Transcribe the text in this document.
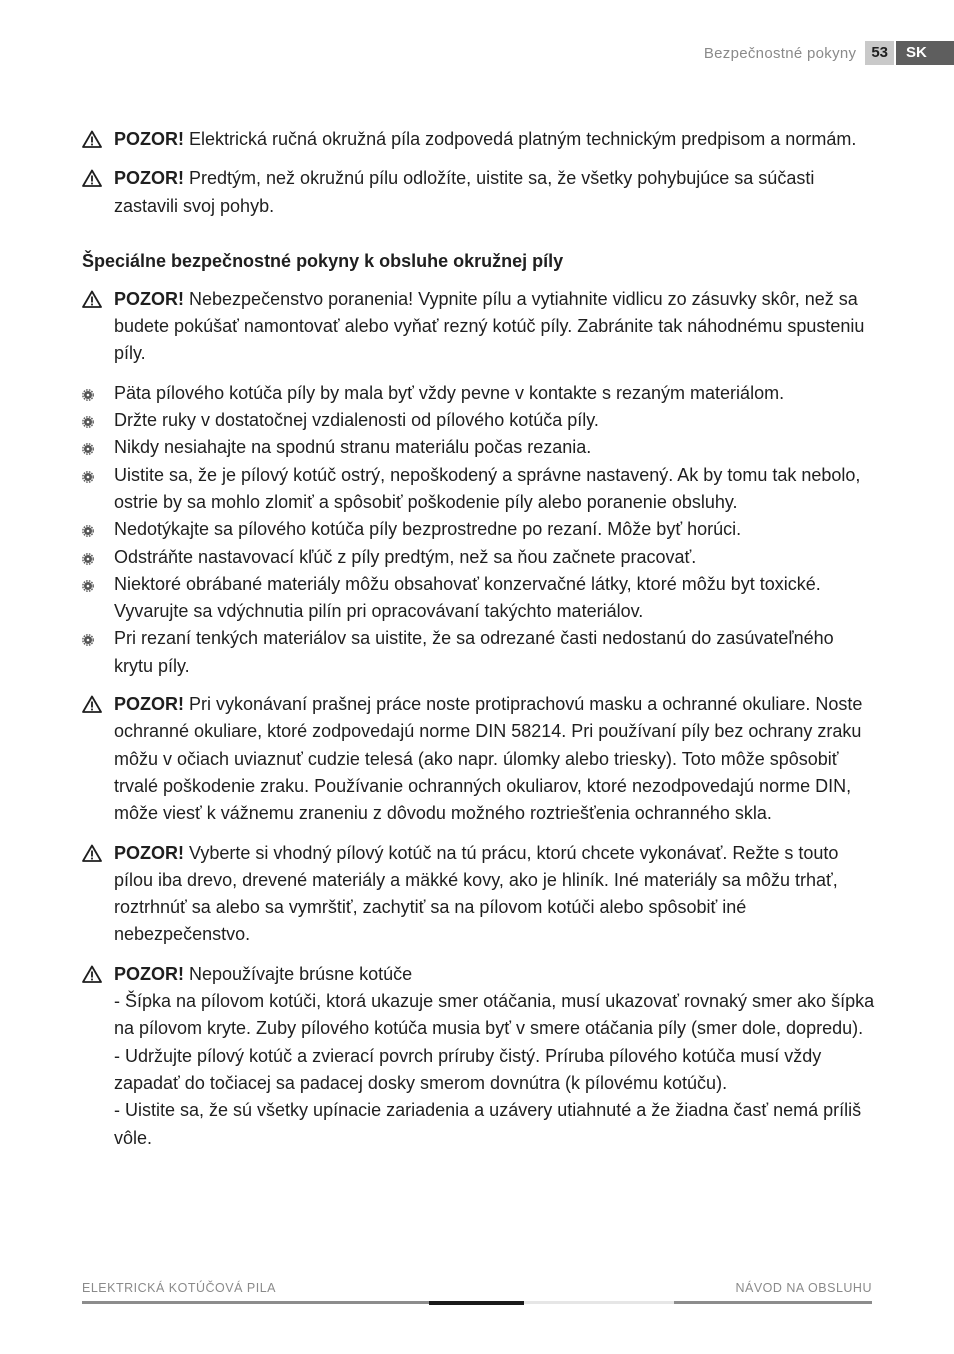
Bezpečnostné pokyny	53	SK
POZOR! Elektrická ručná okružná píla zodpovedá platným technickým predpisom a normám.
POZOR! Predtým, než okružnú pílu odložíte, uistite sa, že všetky pohybujúce sa súčasti zastavili svoj pohyb.
Špeciálne bezpečnostné pokyny k obsluhe okružnej píly
POZOR! Nebezpečenstvo poranenia! Vypnite pílu a vytiahnite vidlicu zo zásuvky skôr, než sa budete pokúšať namontovať alebo vyňať rezný kotúč píly. Zabránite tak náhodnému spusteniu píly.
Päta pílového kotúča píly by mala byť vždy pevne v kontakte s rezaným materiálom.
Držte ruky v dostatočnej vzdialenosti od pílového kotúča píly.
Nikdy nesiahajte na spodnú stranu materiálu počas rezania.
Uistite sa, že je pílový kotúč ostrý, nepoškodený a správne nastavený. Ak by tomu tak nebolo, ostrie by sa mohlo zlomiť a spôsobiť poškodenie píly alebo poranenie obsluhy.
Nedotýkajte sa pílového kotúča píly bezprostredne po rezaní. Môže byť horúci.
Odstráňte nastavovací kľúč z píly predtým, než sa ňou začnete pracovať.
Niektoré obrábané materiály môžu obsahovať konzervačné látky, ktoré môžu byt toxické. Vyvarujte sa vdýchnutia pilín pri opracovávaní takýchto materiálov.
Pri rezaní tenkých materiálov sa uistite, že sa odrezané časti nedostanú do zasúvateľného krytu píly.
POZOR! Pri vykonávaní prašnej práce noste protiprachovú masku a ochranné okuliare. Noste ochranné okuliare, ktoré zodpovedajú norme DIN 58214. Pri používaní píly bez ochrany zraku môžu v očiach uviaznuť cudzie telesá (ako napr. úlomky alebo triesky). Toto môže spôsobiť trvalé poškodenie zraku. Používanie ochranných okuliarov, ktoré nezodpovedajú norme DIN, môže viesť k vážnemu zraneniu z dôvodu možného roztriešťenia ochranného skla.
POZOR! Vyberte si vhodný pílový kotúč na tú prácu, ktorú chcete vykonávať. Režte s touto pílou iba drevo, drevené materiály a mäkké kovy, ako je hliník. Iné materiály sa môžu trhať, roztrhnúť sa alebo sa vymrštiť, zachytiť sa na pílovom kotúči alebo spôsobiť iné nebezpečenstvo.
POZOR! Nepoužívajte brúsne kotúče
- Šípka na pílovom kotúči, ktorá ukazuje smer otáčania, musí ukazovať rovnaký smer ako šípka na pílovom kryte. Zuby pílového kotúča musia byť v smere otáčania píly (smer dole, dopredu).
- Udržujte pílový kotúč a zvierací povrch príruby čistý. Príruba pílového kotúča musí vždy zapadať do točiacej sa padacej dosky smerom dovnútra (k pílovému kotúču).
- Uistite sa, že sú všetky upínacie zariadenia a uzávery utiahnuté a že žiadna časť nemá príliš vôle.
ELEKTRICKÁ KOTÚČOVÁ PILA	NÁVOD NA OBSLUHU
